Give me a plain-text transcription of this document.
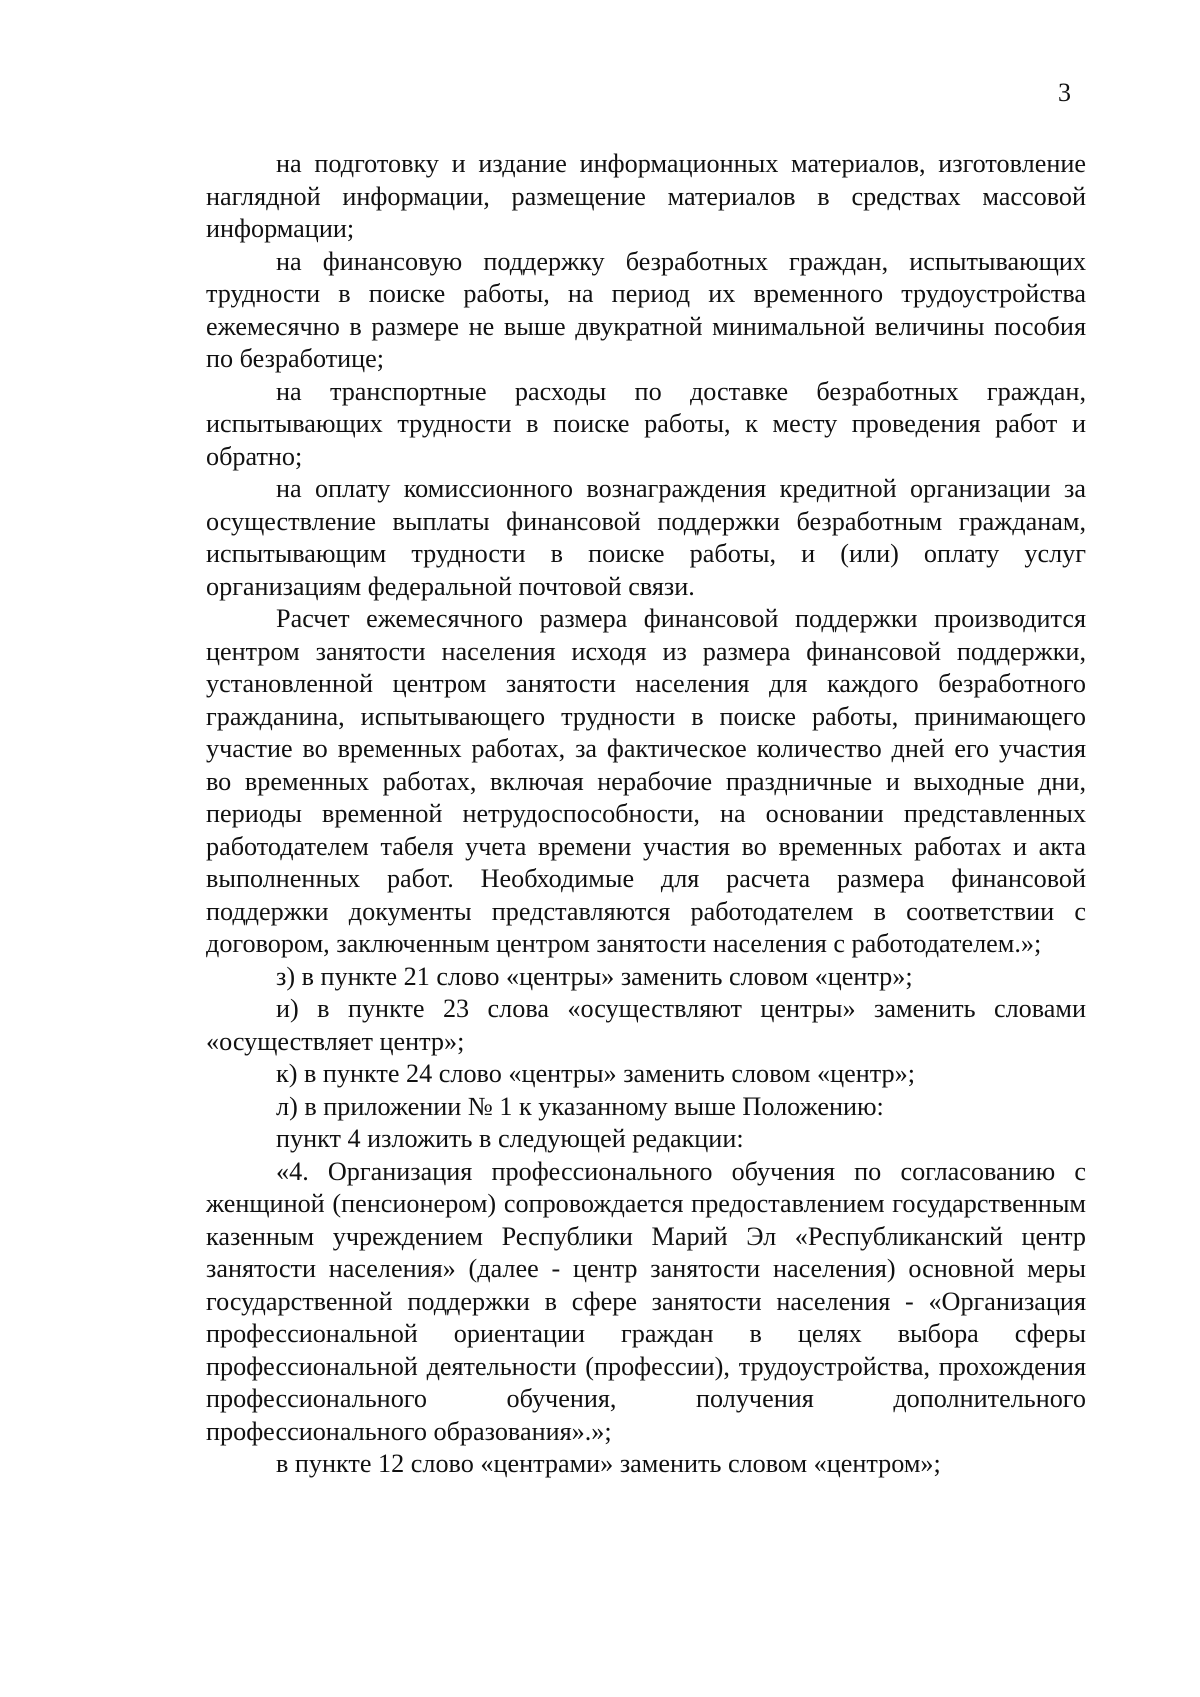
3

на подготовку и издание информационных материалов, изготовление наглядной информации, размещение материалов в средствах массовой информации;

на финансовую поддержку безработных граждан, испытывающих трудности в поиске работы, на период их временного трудоустройства ежемесячно в размере не выше двукратной минимальной величины пособия по безработице;

на транспортные расходы по доставке безработных граждан, испытывающих трудности в поиске работы, к месту проведения работ и обратно;

на оплату комиссионного вознаграждения кредитной организации за осуществление выплаты финансовой поддержки безработным гражданам, испытывающим трудности в поиске работы, и (или) оплату услуг организациям федеральной почтовой связи.

Расчет ежемесячного размера финансовой поддержки производится центром занятости населения исходя из размера финансовой поддержки, установленной центром занятости населения для каждого безработного гражданина, испытывающего трудности в поиске работы, принимающего участие во временных работах, за фактическое количество дней его участия во временных работах, включая нерабочие праздничные и выходные дни, периоды временной нетрудоспособности, на основании представленных работодателем табеля учета времени участия во временных работах и акта выполненных работ. Необходимые для расчета размера финансовой поддержки документы представляются работодателем в соответствии с договором, заключенным центром занятости населения с работодателем.»;

з) в пункте 21 слово «центры» заменить словом «центр»;

и) в пункте 23 слова «осуществляют центры» заменить словами «осуществляет центр»;

к) в пункте 24 слово «центры» заменить словом «центр»;

л) в приложении № 1 к указанному выше Положению:

пункт 4 изложить в следующей редакции:

«4. Организация профессионального обучения по согласованию с женщиной (пенсионером) сопровождается предоставлением государственным казенным учреждением Республики Марий Эл «Республиканский центр занятости населения» (далее - центр занятости населения) основной меры государственной поддержки в сфере занятости населения - «Организация профессиональной ориентации граждан в целях выбора сферы профессиональной деятельности (профессии), трудоустройства, прохождения профессионального обучения, получения дополнительного профессионального образования».»;

в пункте 12 слово «центрами» заменить словом «центром»;
